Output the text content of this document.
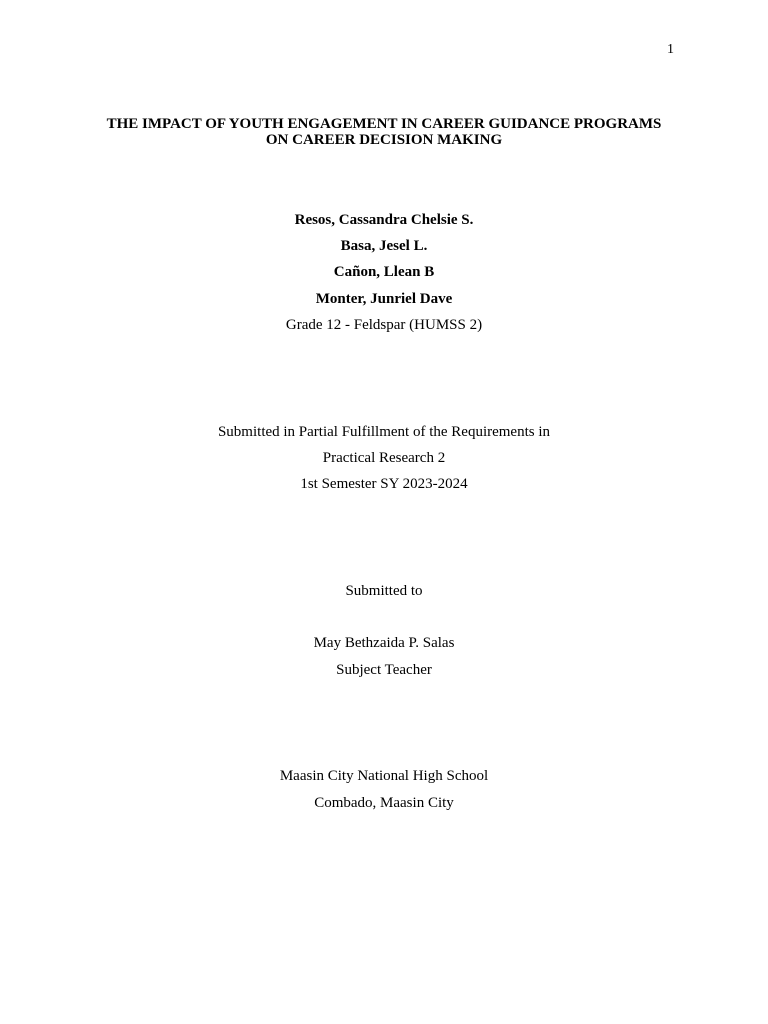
1
THE IMPACT OF YOUTH ENGAGEMENT IN CAREER GUIDANCE PROGRAMS
ON CAREER DECISION MAKING
Resos, Cassandra Chelsie S.
Basa, Jesel L.
Cañon, Llean B
Monter, Junriel Dave
Grade 12 - Feldspar (HUMSS 2)
Submitted in Partial Fulfillment of the Requirements in
Practical Research 2
1st Semester SY 2023-2024
Submitted to
May Bethzaida P. Salas
Subject Teacher
Maasin City National High School
Combado, Maasin City
